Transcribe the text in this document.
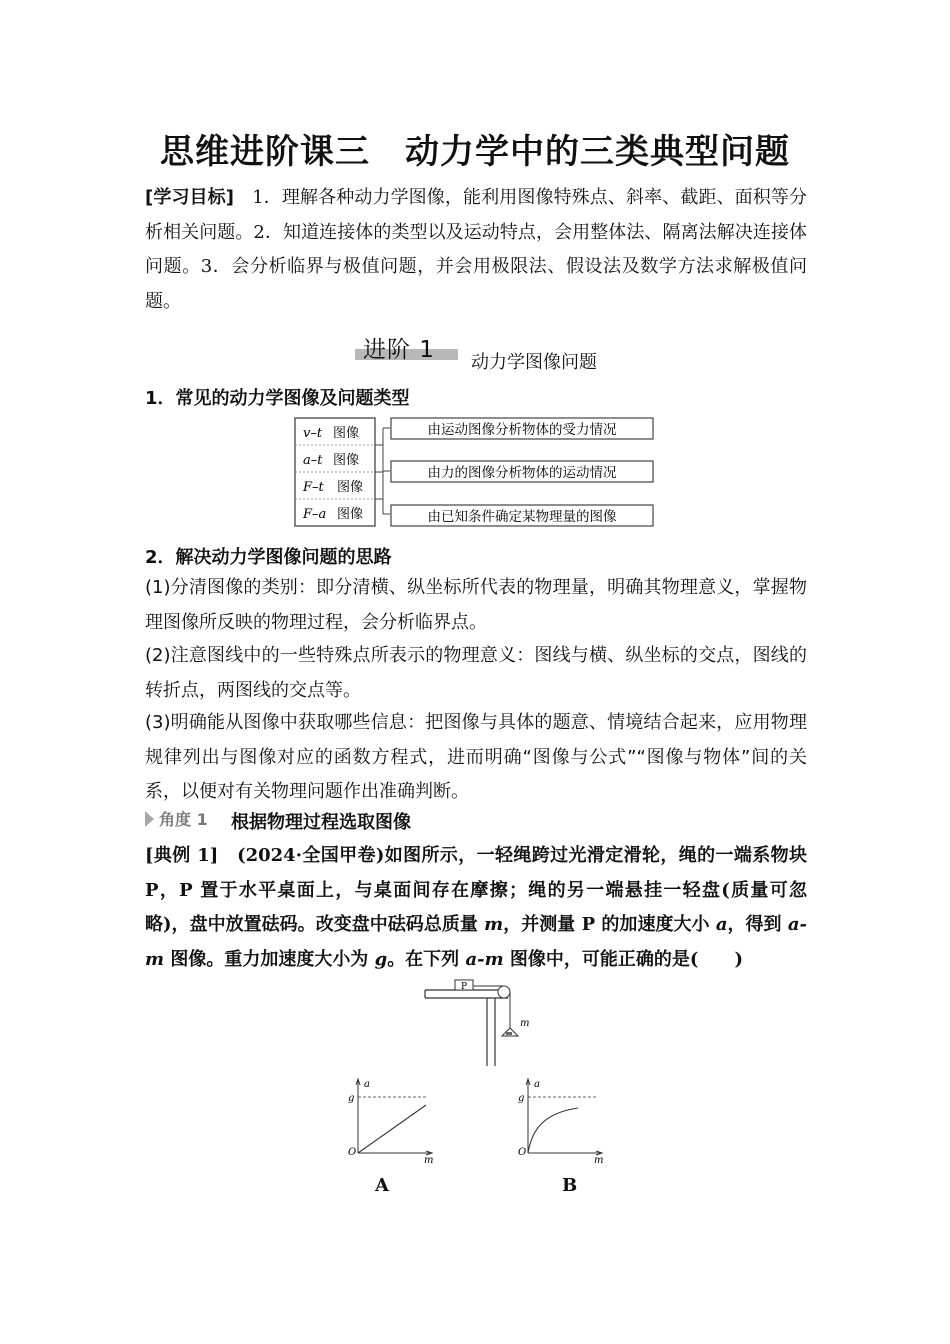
思维进阶课三　动力学中的三类典型问题
[学习目标]　1．理解各种动力学图像，能利用图像特殊点、斜率、截距、面积等分析相关问题。2．知道连接体的类型以及运动特点，会用整体法、隔离法解决连接体问题。3．会分析临界与极值问题，并会用极限法、假设法及数学方法求解极值问题。
进阶 1 动力学图像问题
1．常见的动力学图像及问题类型
v–t 图像
a–t 图像
F–t 图像
F–a 图像
由运动图像分析物体的受力情况
由力的图像分析物体的运动情况
由已知条件确定某物理量的图像
2．解决动力学图像问题的思路
(1)分清图像的类别：即分清横、纵坐标所代表的物理量，明确其物理意义，掌握物理图像所反映的物理过程，会分析临界点。
(2)注意图线中的一些特殊点所表示的物理意义：图线与横、纵坐标的交点，图线的转折点，两图线的交点等。
(3)明确能从图像中获取哪些信息：把图像与具体的题意、情境结合起来，应用物理规律列出与图像对应的函数方程式，进而明确“图像与公式”“图像与物体”间的关系，以便对有关物理问题作出准确判断。
角度 1 根据物理过程选取图像
[典例 1]　 (2024·全国甲卷)如图所示，一轻绳跨过光滑定滑轮，绳的一端系物块 P，P 置于水平桌面上，与桌面间存在摩擦；绳的另一端悬挂一轻盘(质量可忽略)，盘中放置砝码。改变盘中砝码总质量 m，并测量 P 的加速度大小 a，得到 a-m 图像。重力加速度大小为 g。在下列 a-m 图像中，可能正确的是(　　)
P
m
a
g
O
m
A
a
g
O
m
B
